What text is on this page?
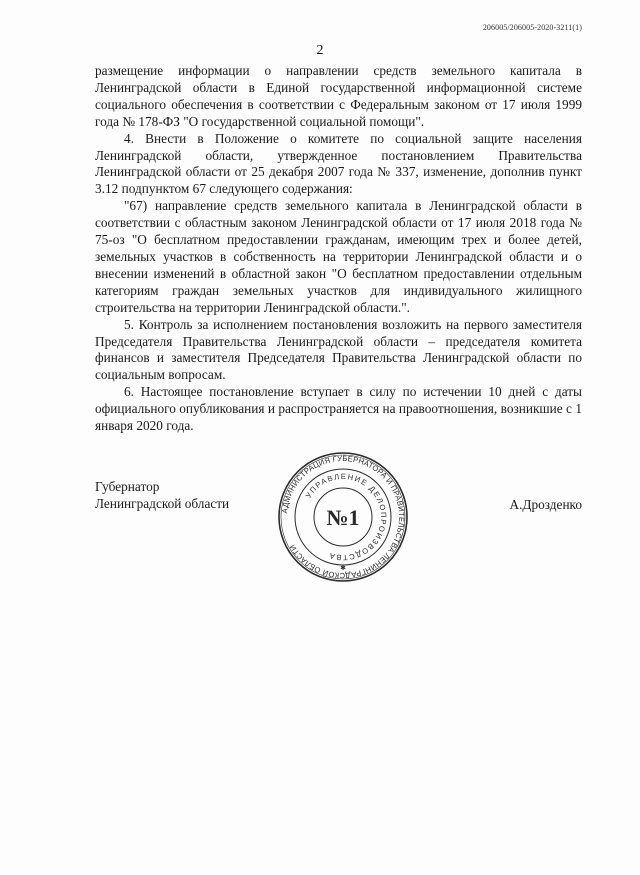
206005/206005-2020-3211(1)
2

размещение информации о направлении средств земельного капитала в Ленинградской области в Единой государственной информационной системе социального обеспечения в соответствии с Федеральным законом от 17 июля 1999 года № 178-ФЗ "О государственной социальной помощи".

4. Внести в Положение о комитете по социальной защите населения Ленинградской области, утвержденное постановлением Правительства Ленинградской области от 25 декабря 2007 года № 337, изменение, дополнив пункт 3.12 подпунктом 67 следующего содержания:

"67) направление средств земельного капитала в Ленинградской области в соответствии с областным законом Ленинградской области от 17 июля 2018 года № 75-оз "О бесплатном предоставлении гражданам, имеющим трех и более детей, земельных участков в собственность на территории Ленинградской области и о внесении изменений в областной закон "О бесплатном предоставлении отдельным категориям граждан земельных участков для индивидуального жилищного строительства на территории Ленинградской области.".

5. Контроль за исполнением постановления возложить на первого заместителя Председателя Правительства Ленинградской области – председателя комитета финансов и заместителя Председателя Правительства Ленинградской области по социальным вопросам.

6. Настоящее постановление вступает в силу по истечении 10 дней с даты официального опубликования и распространяется на правоотношения, возникшие с 1 января 2020 года.

Губернатор
Ленинградской области	А.Дрозденко
АДМИНИСТРАЦИЯ ГУБЕРНАТОРА И ПРАВИТЕЛЬСТВА ЛЕНИНГРАДСКОЙ ОБЛАСТИ
УПРАВЛЕНИЕ ДЕЛОПРОИЗВОДСТВА
№1
✱
